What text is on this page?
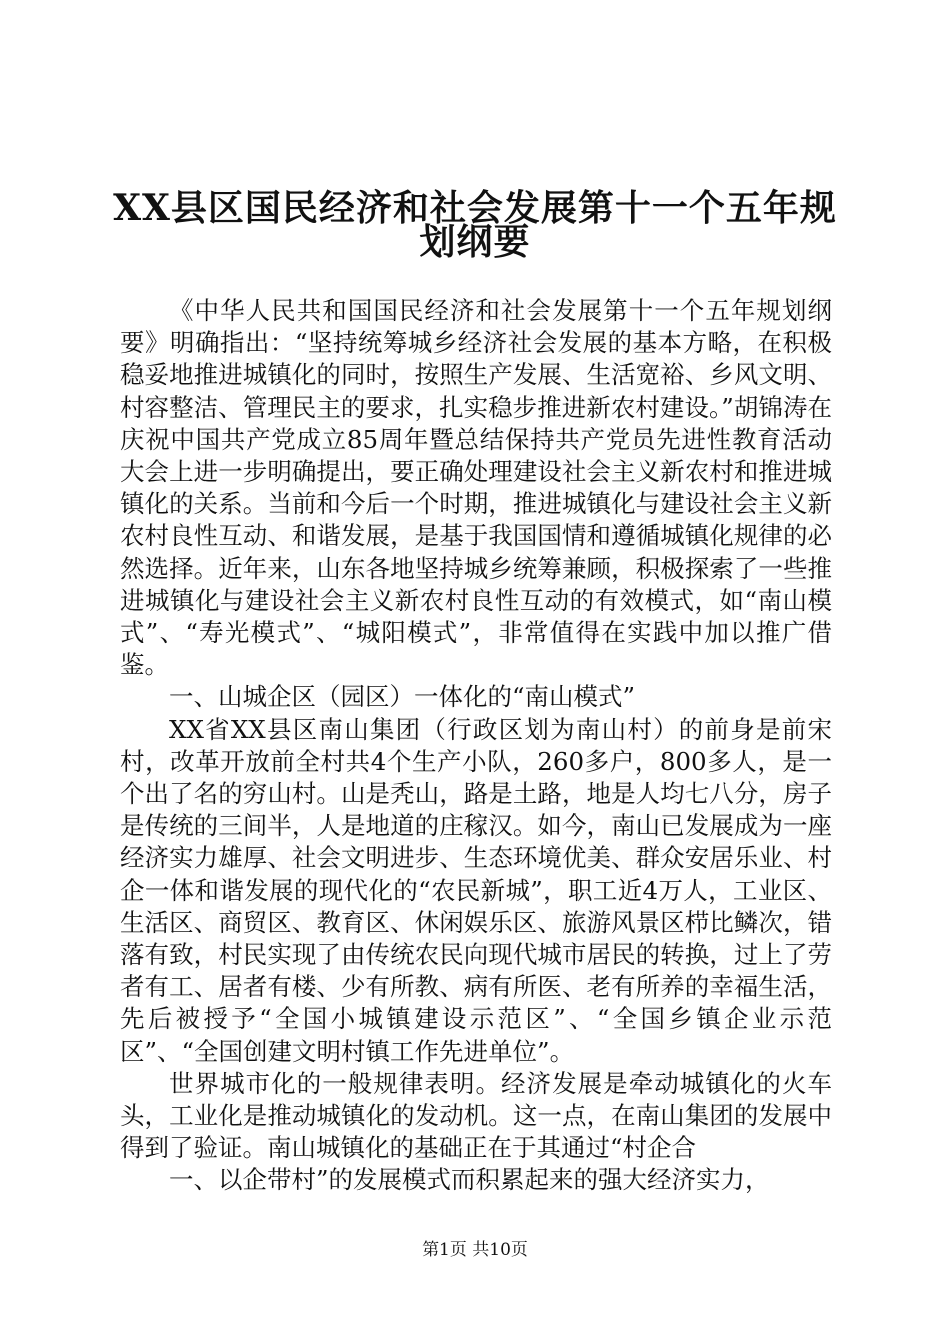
XX县区国民经济和社会发展第十一个五年规
划纲要

《中华人民共和国国民经济和社会发展第十一个五年规划纲要》明确指出：“坚持统筹城乡经济社会发展的基本方略，在积极稳妥地推进城镇化的同时，按照生产发展、生活宽裕、乡风文明、村容整洁、管理民主的要求，扎实稳步推进新农村建设。”胡锦涛在庆祝中国共产党成立85周年暨总结保持共产党员先进性教育活动大会上进一步明确提出，要正确处理建设社会主义新农村和推进城镇化的关系。当前和今后一个时期，推进城镇化与建设社会主义新农村良性互动、和谐发展，是基于我国国情和遵循城镇化规律的必然选择。近年来，山东各地坚持城乡统筹兼顾，积极探索了一些推进城镇化与建设社会主义新农村良性互动的有效模式，如“南山模式”、“寿光模式”、“城阳模式”，非常值得在实践中加以推广借鉴。

一、山城企区（园区）一体化的“南山模式”

XX省XX县区南山集团（行政区划为南山村）的前身是前宋村，改革开放前全村共4个生产小队，260多户，800多人，是一个出了名的穷山村。山是秃山，路是土路，地是人均七八分，房子是传统的三间半，人是地道的庄稼汉。如今，南山已发展成为一座经济实力雄厚、社会文明进步、生态环境优美、群众安居乐业、村企一体和谐发展的现代化的“农民新城”，职工近4万人，工业区、生活区、商贸区、教育区、休闲娱乐区、旅游风景区栉比鳞次，错落有致，村民实现了由传统农民向现代城市居民的转换，过上了劳者有工、居者有楼、少有所教、病有所医、老有所养的幸福生活，先后被授予“全国小城镇建设示范区”、“全国乡镇企业示范区”、“全国创建文明村镇工作先进单位”。

世界城市化的一般规律表明。经济发展是牵动城镇化的火车头，工业化是推动城镇化的发动机。这一点，在南山集团的发展中得到了验证。南山城镇化的基础正在于其通过“村企合

一、以企带村”的发展模式而积累起来的强大经济实力，

第1页 共10页
